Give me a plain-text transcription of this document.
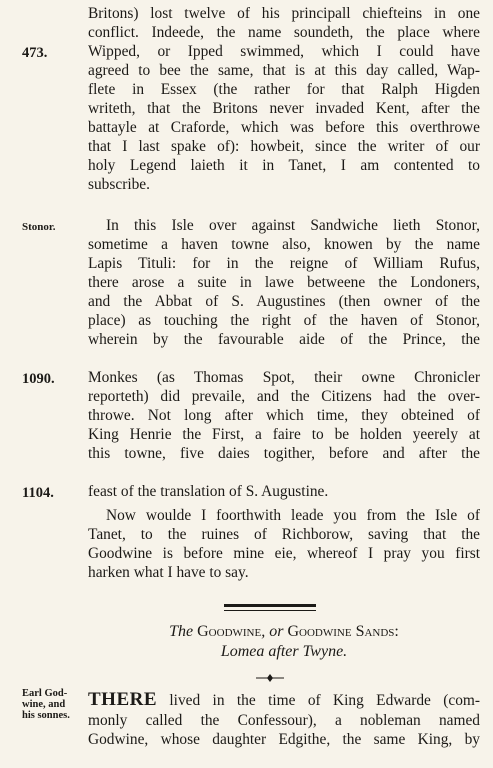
473.
Stonor.
1090.
1104.
Earl God-
wine, and
his sonnes.
Britons) lost twelve of his principall chiefteins in one
conflict. Indeede, the name soundeth, the place where
Wipped, or Ipped swimmed, which I could have
agreed to bee the same, that is at this day called, Wap-
flete in Essex (the rather for that Ralph Higden
writeth, that the Britons never invaded Kent, after the
battayle at Craforde, which was before this overthrowe
that I last spake of): howbeit, since the writer of our
holy Legend laieth it in Tanet, I am contented to
subscribe.
In this Isle over against Sandwiche lieth Stonor,
sometime a haven towne also, knowen by the name
Lapis Tituli: for in the reigne of William Rufus,
there arose a suite in lawe betweene the Londoners,
and the Abbat of S. Augustines (then owner of the
place) as touching the right of the haven of Stonor,
wherein by the favourable aide of the Prince, the
Monkes (as Thomas Spot, their owne Chronicler
reporteth) did prevaile, and the Citizens had the over-
throwe. Not long after which time, they obteined of
King Henrie the First, a faire to be holden yeerely at
this towne, five daies togither, before and after the
feast of the translation of S. Augustine.
Now woulde I foorthwith leade you from the Isle of
Tanet, to the ruines of Richborow, saving that the
Goodwine is before mine eie, whereof I pray you first
harken what I have to say.
The Goodwine, or Goodwine Sands:
Lomea after Twyne.
THERE lived in the time of King Edwarde (com-
monly called the Confessour), a nobleman named
Godwine, whose daughter Edgithe, the same King, by
